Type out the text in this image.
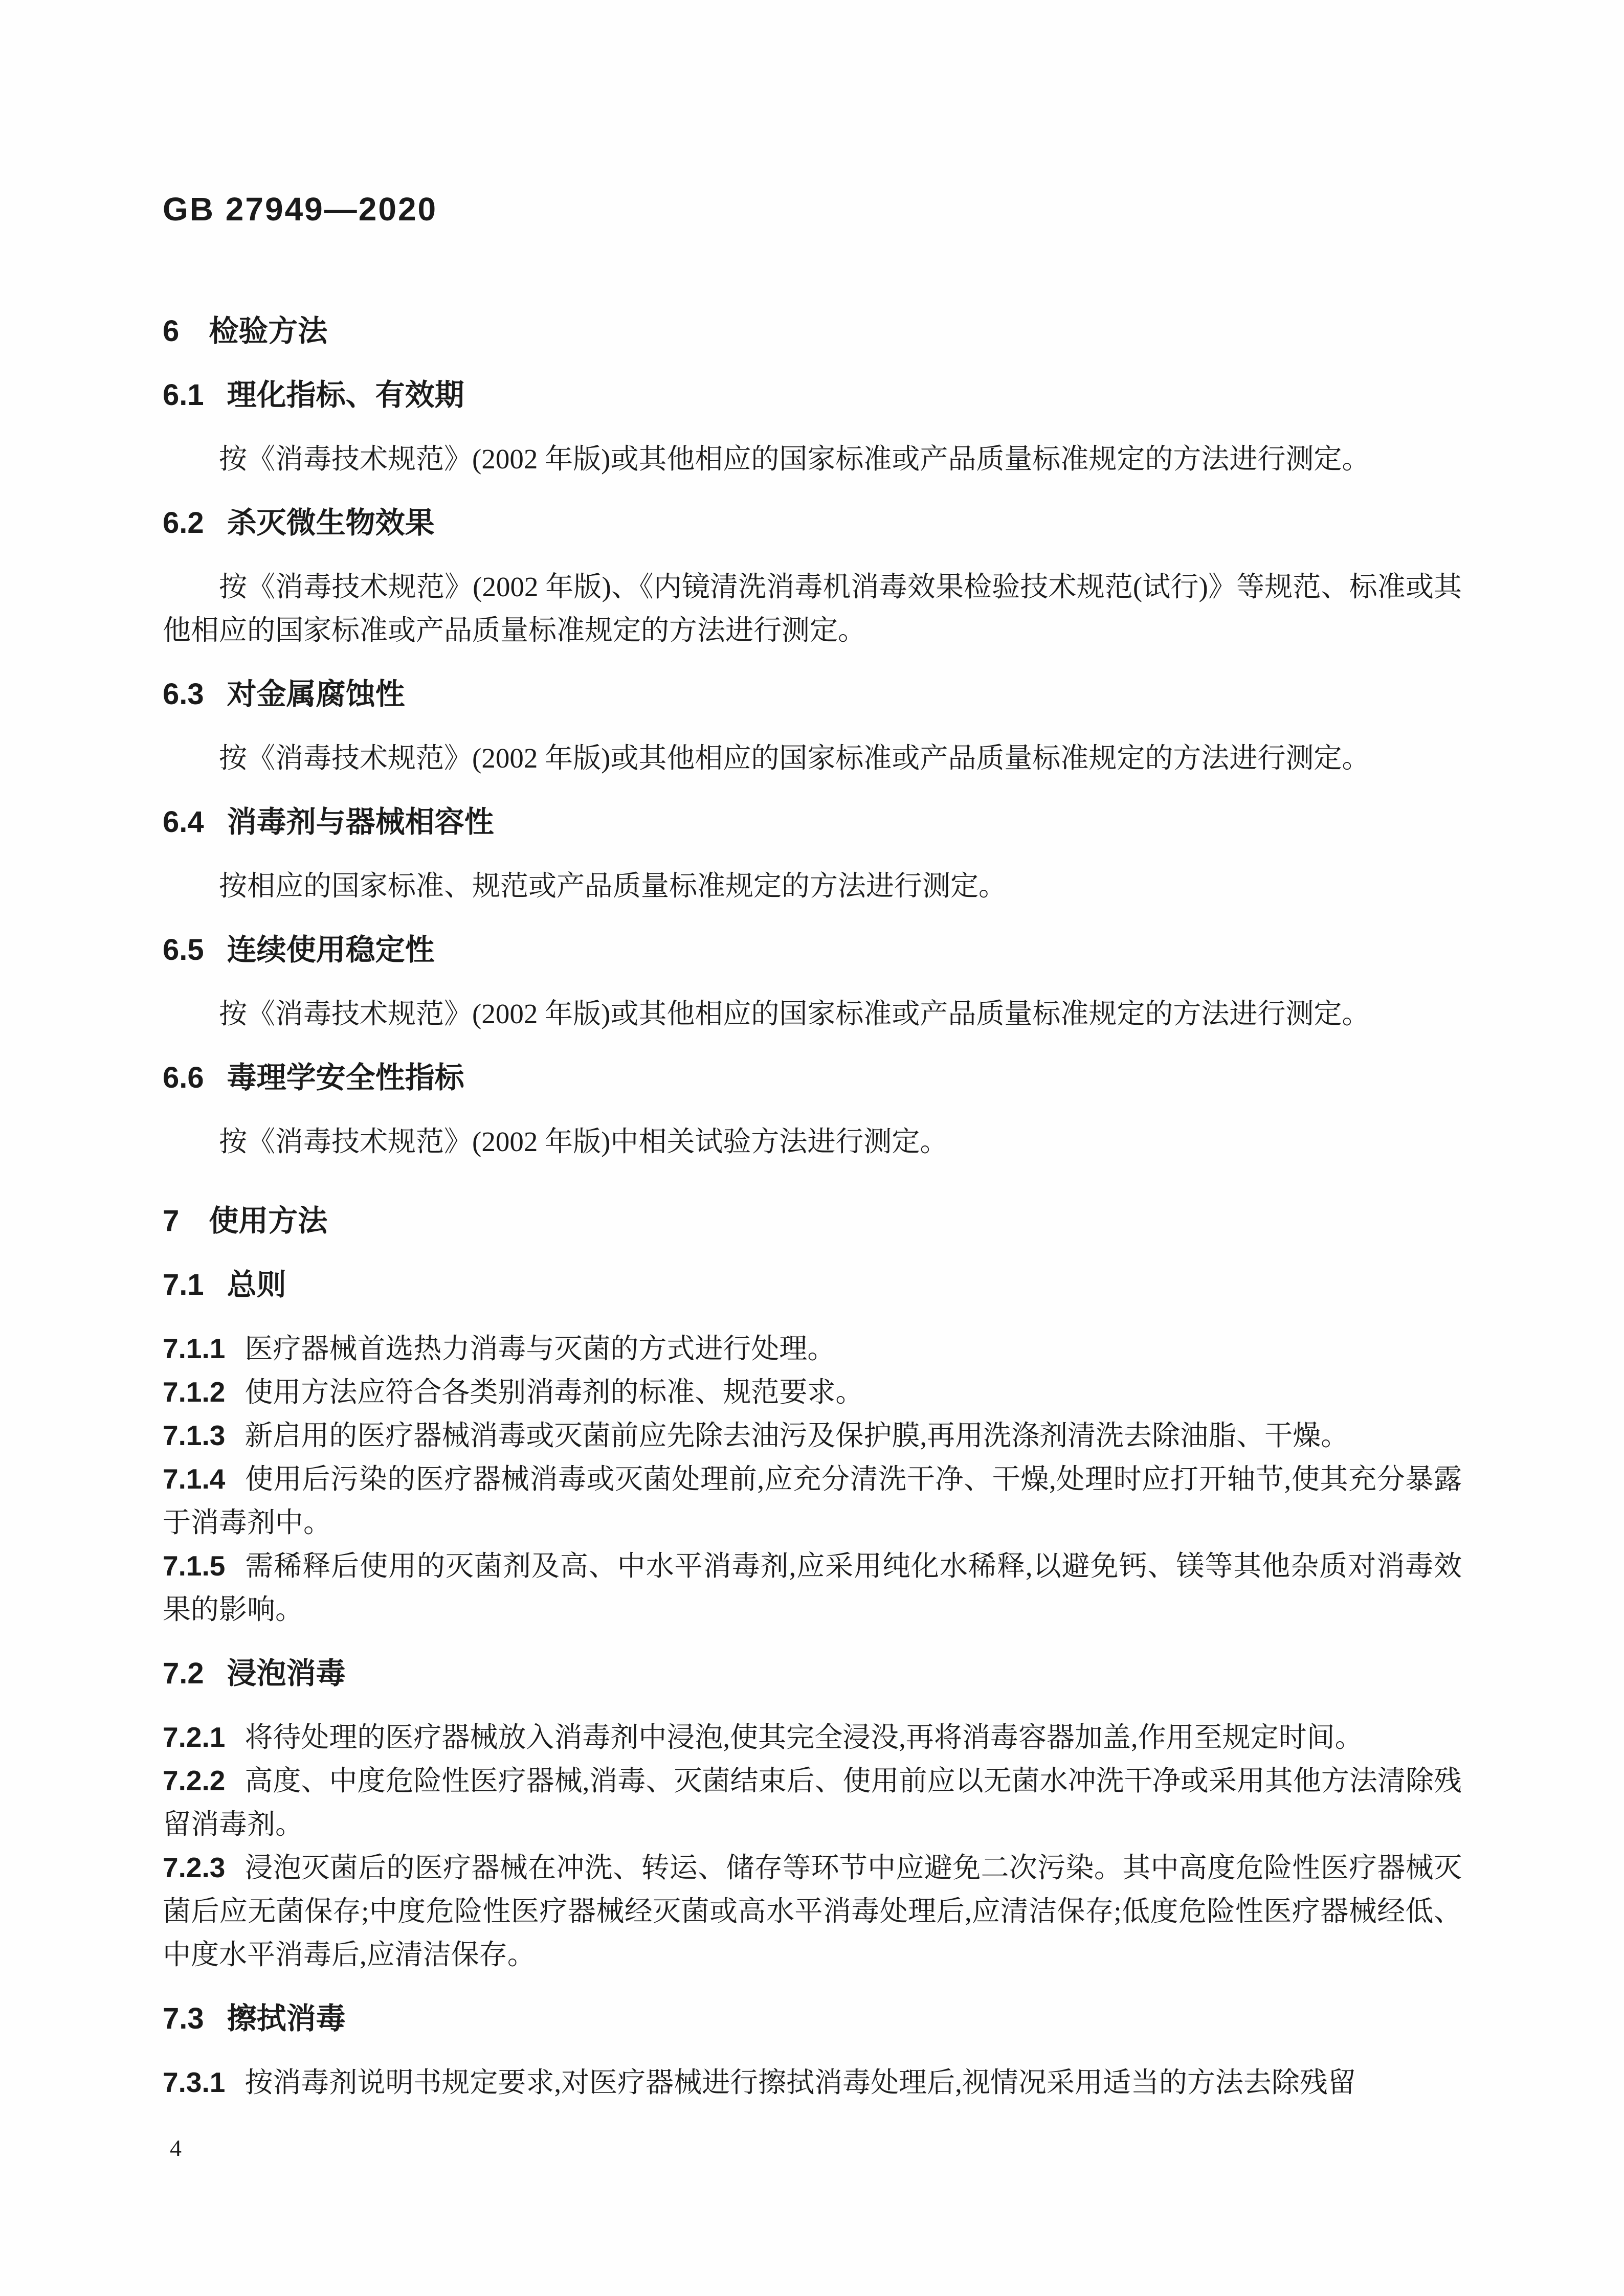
GB 27949—2020
6 检验方法
6.1 理化指标、有效期

按《消毒技术规范》(2002 年版)或其他相应的国家标准或产品质量标准规定的方法进行测定。

6.2 杀灭微生物效果

按《消毒技术规范》(2002 年版)、《内镜清洗消毒机消毒效果检验技术规范(试行)》等规范、标准或其他相应的国家标准或产品质量标准规定的方法进行测定。

6.3 对金属腐蚀性

按《消毒技术规范》(2002 年版)或其他相应的国家标准或产品质量标准规定的方法进行测定。

6.4 消毒剂与器械相容性

按相应的国家标准、规范或产品质量标准规定的方法进行测定。

6.5 连续使用稳定性

按《消毒技术规范》(2002 年版)或其他相应的国家标准或产品质量标准规定的方法进行测定。

6.6 毒理学安全性指标

按《消毒技术规范》(2002 年版)中相关试验方法进行测定。

7 使用方法
7.1 总则

7.1.1 医疗器械首选热力消毒与灭菌的方式进行处理。

7.1.2 使用方法应符合各类别消毒剂的标准、规范要求。

7.1.3 新启用的医疗器械消毒或灭菌前应先除去油污及保护膜,再用洗涤剂清洗去除油脂、干燥。

7.1.4 使用后污染的医疗器械消毒或灭菌处理前,应充分清洗干净、干燥,处理时应打开轴节,使其充分暴露于消毒剂中。

7.1.5 需稀释后使用的灭菌剂及高、中水平消毒剂,应采用纯化水稀释,以避免钙、镁等其他杂质对消毒效果的影响。

7.2 浸泡消毒

7.2.1 将待处理的医疗器械放入消毒剂中浸泡,使其完全浸没,再将消毒容器加盖,作用至规定时间。

7.2.2 高度、中度危险性医疗器械,消毒、灭菌结束后、使用前应以无菌水冲洗干净或采用其他方法清除残留消毒剂。

7.2.3 浸泡灭菌后的医疗器械在冲洗、转运、储存等环节中应避免二次污染。其中高度危险性医疗器械灭菌后应无菌保存;中度危险性医疗器械经灭菌或高水平消毒处理后,应清洁保存;低度危险性医疗器械经低、中度水平消毒后,应清洁保存。

7.3 擦拭消毒

7.3.1 按消毒剂说明书规定要求,对医疗器械进行擦拭消毒处理后,视情况采用适当的方法去除残留

4
